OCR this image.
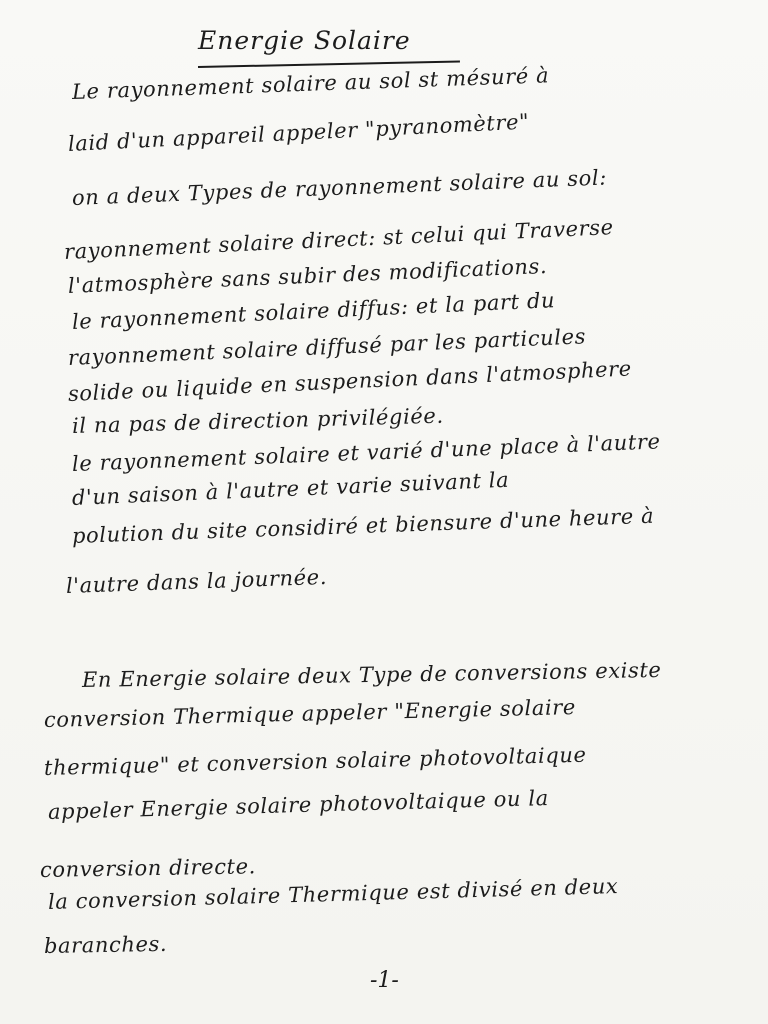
Energie Solaire
Le rayonnement solaire au sol st mésuré à
laid d'un appareil appeler "pyranomètre"
on a deux Types de rayonnement solaire au sol:
rayonnement solaire direct: st celui qui Traverse
l'atmosphère sans subir des modifications.
le rayonnement solaire diffus: et la part du
rayonnement solaire diffusé par les particules
solide ou liquide en suspension dans l'atmosphere
il na pas de direction privilégiée.
le rayonnement solaire et varié d'une place à l'autre
d'un saison à l'autre et varie suivant la
polution du site considiré et biensure d'une heure à
l'autre dans la journée.
En Energie solaire deux Type de conversions existe
conversion Thermique appeler "Energie solaire
thermique" et conversion solaire photovoltaique
appeler Energie solaire photovoltaique ou la
conversion directe.
la conversion solaire Thermique est divisé en deux
baranches.
-1-
